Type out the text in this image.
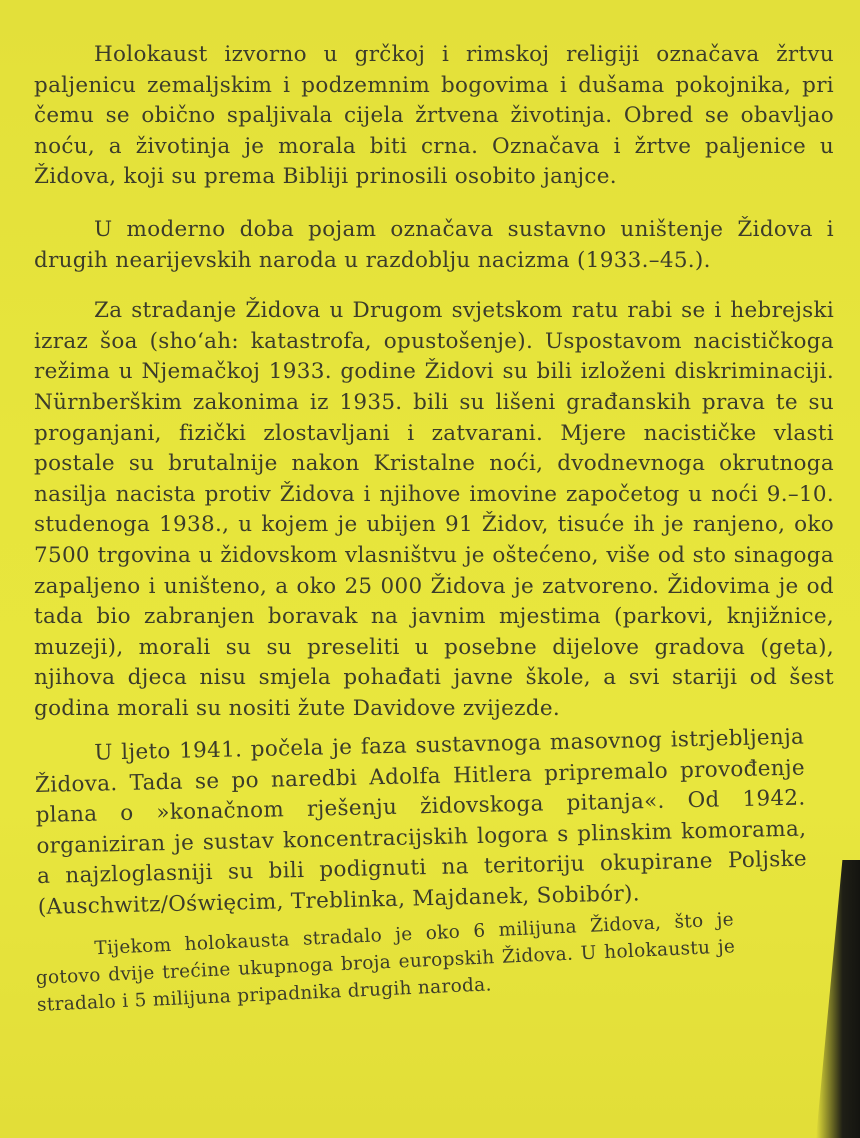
Holokaust izvorno u grčkoj i rimskoj religiji označava žrtvu paljenicu zemaljskim i podzemnim bogovima i dušama pokojnika, pri čemu se obično spaljivala cijela žrtvena životinja. Obred se obavljao noću, a životinja je morala biti crna. Označava i žrtve paljenice u Židova, koji su prema Bibliji prinosili osobito janjce.

U moderno doba pojam označava sustavno uništenje Židova i drugih nearijevskih naroda u razdoblju nacizma (1933.–45.).

Za stradanje Židova u Drugom svjetskom ratu rabi se i hebrejski izraz šoa (sho‘ah: katastrofa, opustošenje). Uspostavom nacističkoga režima u Njemačkoj 1933. godine Židovi su bili izloženi diskriminaciji. Nürnberškim zakonima iz 1935. bili su lišeni građanskih prava te su proganjani, fizički zlostavljani i zatvarani. Mjere nacističke vlasti postale su brutalnije nakon Kristalne noći, dvodnevnoga okrutnoga nasilja nacista protiv Židova i njihove imovine započetog u noći 9.–10. studenoga 1938., u kojem je ubijen 91 Židov, tisuće ih je ranjeno, oko 7500 trgovina u židovskom vlasništvu je oštećeno, više od sto sinagoga zapaljeno i uništeno, a oko 25 000 Židova je zatvoreno. Židovima je od tada bio zabranjen boravak na javnim mjestima (parkovi, knjižnice, muzeji), morali su su preseliti u posebne dijelove gradova (geta), njihova djeca nisu smjela pohađati javne škole, a svi stariji od šest godina morali su nositi žute Davidove zvijezde.

U ljeto 1941. počela je faza sustavnoga masovnog istrjebljenja Židova. Tada se po naredbi Adolfa Hitlera pripremalo provođenje plana o »konačnom rješenju židovskoga pitanja«. Od 1942. organiziran je sustav koncentracijskih logora s plinskim komorama, a najzloglasniji su bili podignuti na teritoriju okupirane Poljske (Auschwitz/Oświęcim, Treblinka, Majdanek, Sobibór).

Tijekom holokausta stradalo je oko 6 milijuna Židova, što je gotovo dvije trećine ukupnoga broja europskih Židova. U holokaustu je stradalo i 5 milijuna pripadnika drugih naroda.
